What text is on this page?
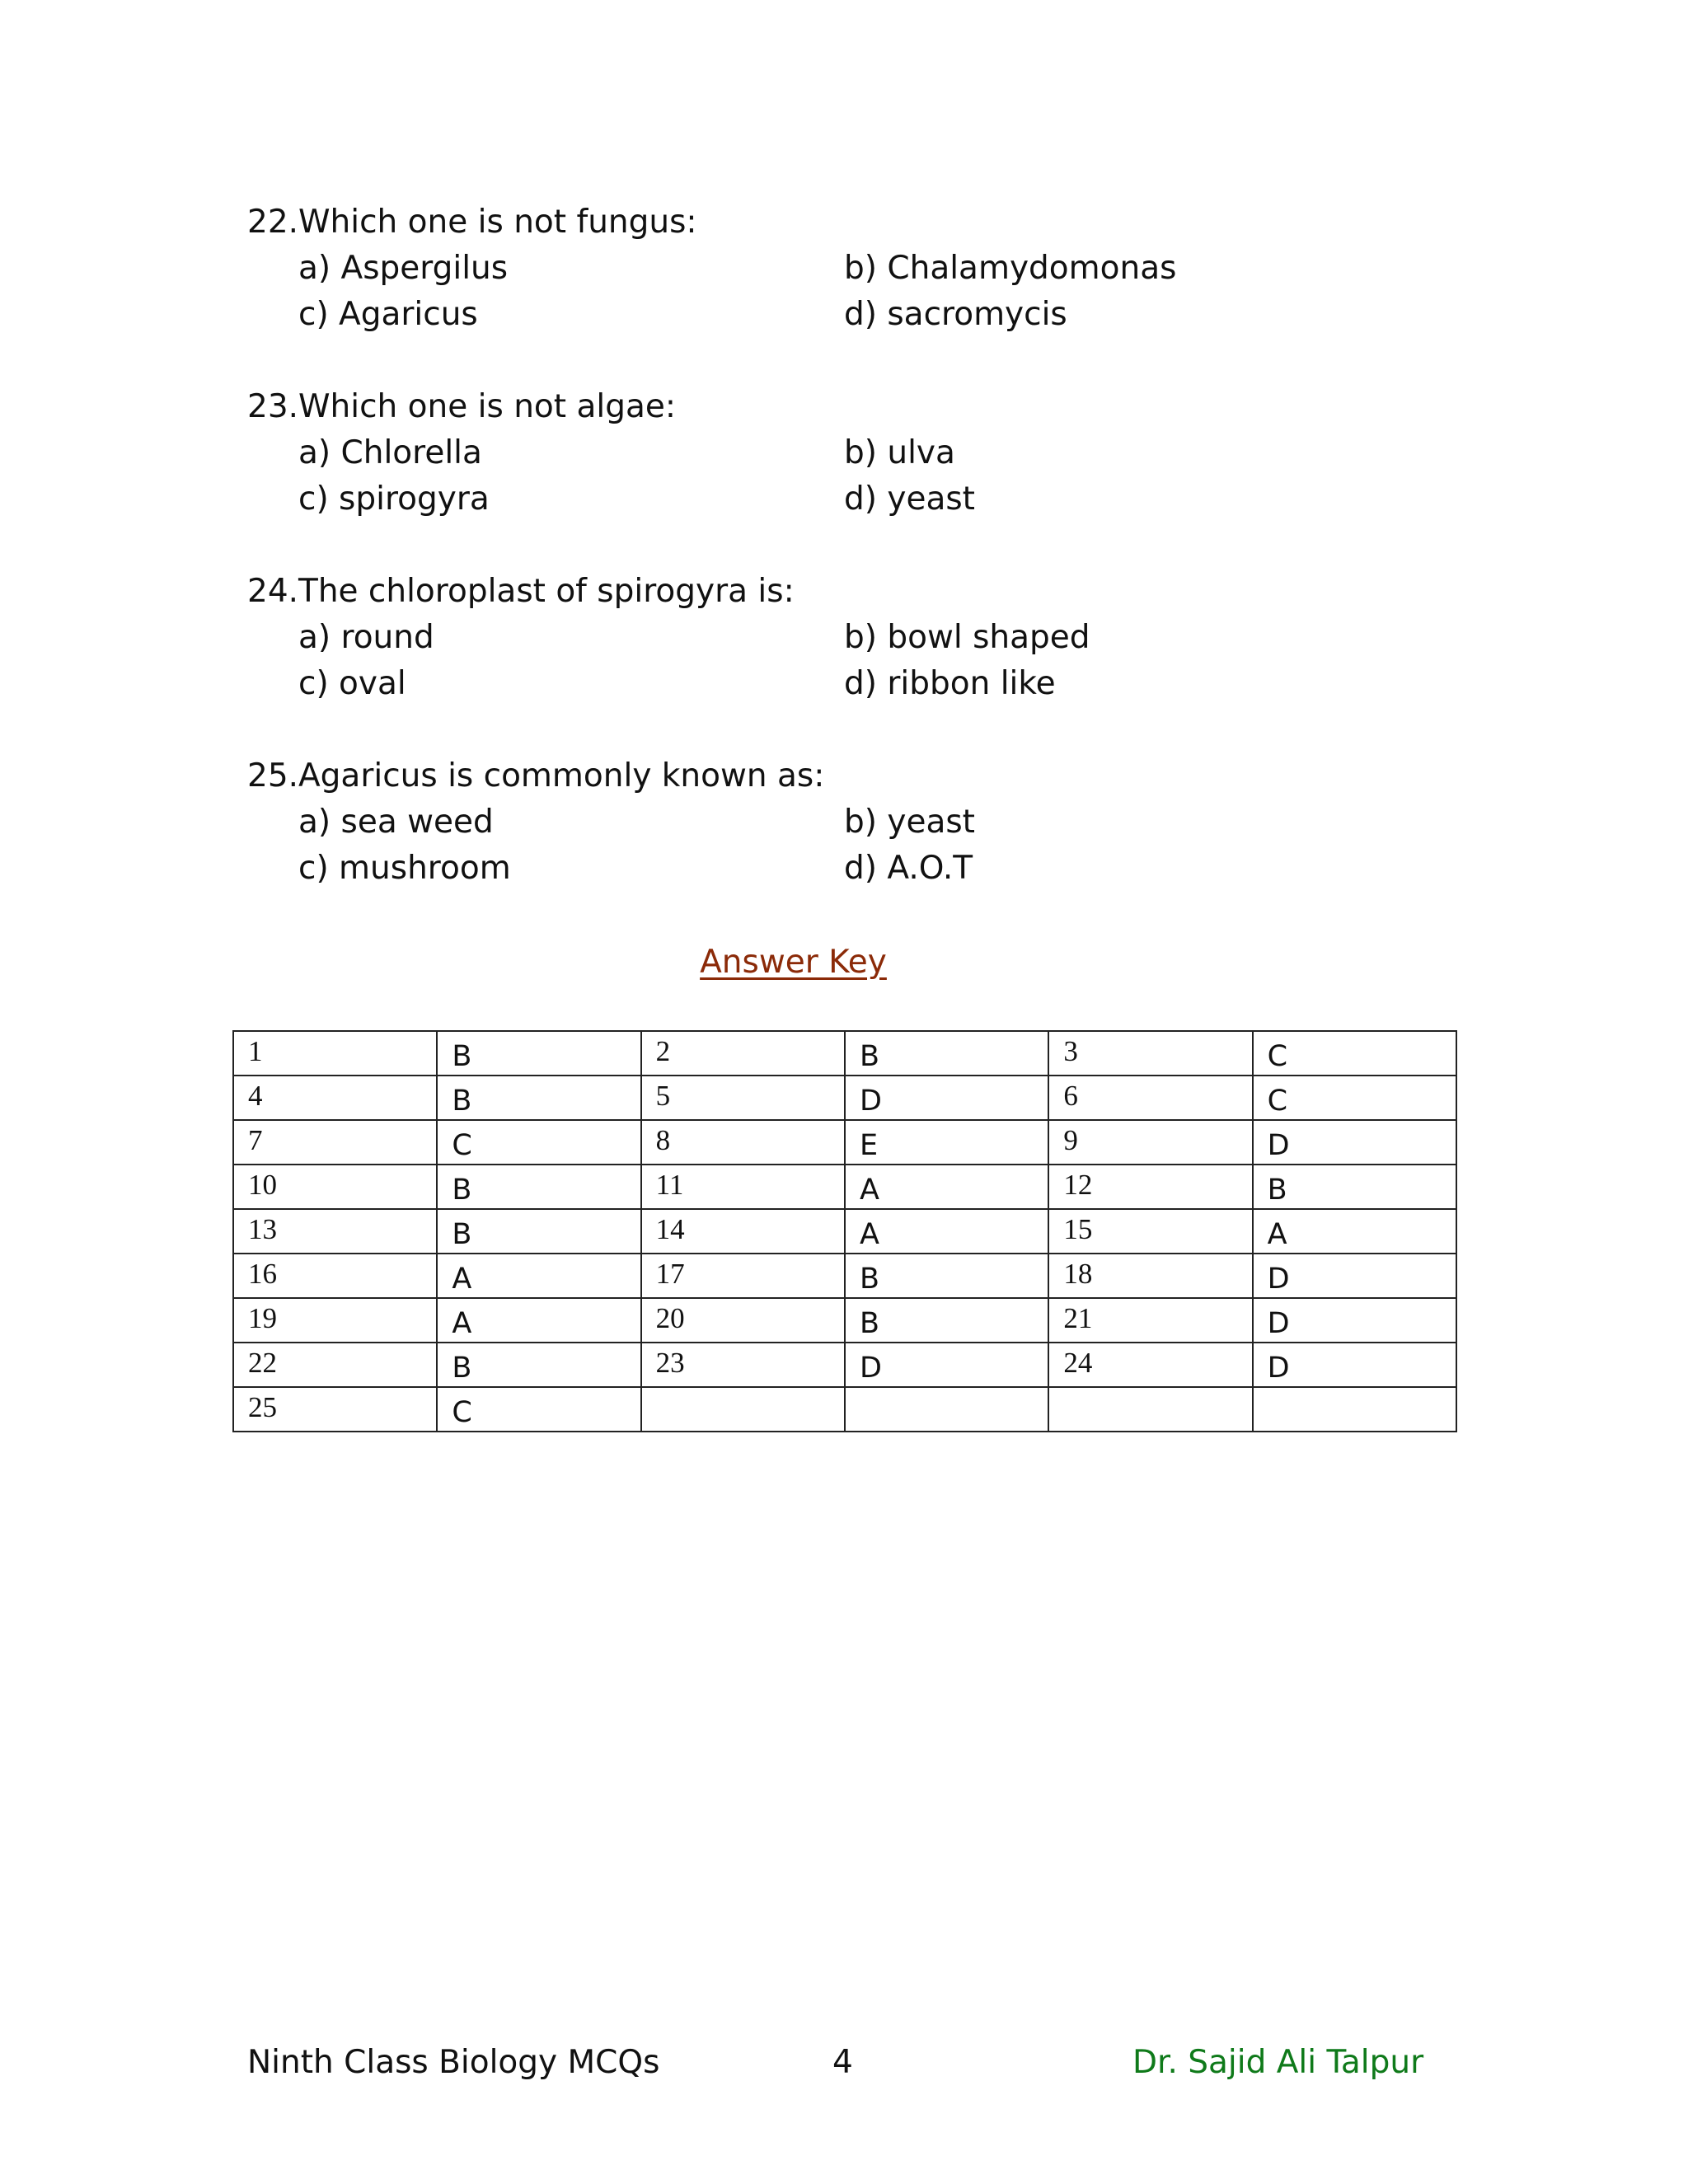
22.Which one is not fungus:
a) Aspergilus	b) Chalamydomonas
c) Agaricus	d) sacromycis
23.Which one is not algae:
a) Chlorella	b) ulva
c) spirogyra	d) yeast
24.The chloroplast of spirogyra is:
a) round	b) bowl shaped
c) oval	d) ribbon like
25.Agaricus is commonly known as:
a) sea weed	b) yeast
c) mushroom	d) A.O.T
Answer Key
1	B	2	B	3	C
4	B	5	D	6	C
7	C	8	E	9	D
10	B	11	A	12	B
13	B	14	A	15	A
16	A	17	B	18	D
19	A	20	B	21	D
22	B	23	D	24	D
25	C				
Ninth Class Biology MCQs	4	Dr. Sajid Ali Talpur
